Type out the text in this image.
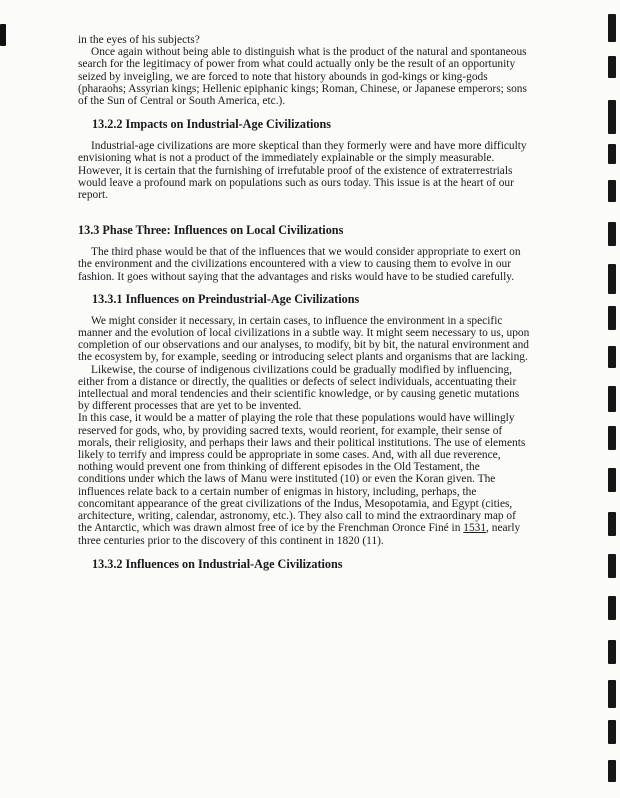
in the eyes of his subjects?

Once again without being able to distinguish what is the product of the natural and spontaneous search for the legitimacy of power from what could actually only be the result of an opportunity seized by inveigling, we are forced to note that history abounds in god-kings or king-gods (pharaohs; Assyrian kings; Hellenic epiphanic kings; Roman, Chinese, or Japanese emperors; sons of the Sun of Central or South America, etc.).

13.2.2 Impacts on Industrial-Age Civilizations

Industrial-age civilizations are more skeptical than they formerly were and have more difficulty envisioning what is not a product of the immediately explainable or the simply measurable. However, it is certain that the furnishing of irrefutable proof of the existence of extraterrestrials would leave a profound mark on populations such as ours today. This issue is at the heart of our report.

13.3 Phase Three: Influences on Local Civilizations

The third phase would be that of the influences that we would consider appropriate to exert on the environment and the civilizations encountered with a view to causing them to evolve in our fashion. It goes without saying that the advantages and risks would have to be studied carefully.

13.3.1 Influences on Preindustrial-Age Civilizations

We might consider it necessary, in certain cases, to influence the environment in a specific manner and the evolution of local civilizations in a subtle way. It might seem necessary to us, upon completion of our observations and our analyses, to modify, bit by bit, the natural environment and the ecosystem by, for example, seeding or introducing select plants and organisms that are lacking.

Likewise, the course of indigenous civilizations could be gradually modified by influencing, either from a distance or directly, the qualities or defects of select individuals, accentuating their intellectual and moral tendencies and their scientific knowledge, or by causing genetic mutations by different processes that are yet to be invented.

In this case, it would be a matter of playing the role that these populations would have willingly reserved for gods, who, by providing sacred texts, would reorient, for example, their sense of morals, their religiosity, and perhaps their laws and their political institutions. The use of elements likely to terrify and impress could be appropriate in some cases. And, with all due reverence, nothing would prevent one from thinking of different episodes in the Old Testament, the conditions under which the laws of Manu were instituted (10) or even the Koran given. The influences relate back to a certain number of enigmas in history, including, perhaps, the concomitant appearance of the great civilizations of the Indus, Mesopotamia, and Egypt (cities, architecture, writing, calendar, astronomy, etc.). They also call to mind the extraordinary map of the Antarctic, which was drawn almost free of ice by the Frenchman Oronce Finé in 1531, nearly three centuries prior to the discovery of this continent in 1820 (11).

13.3.2 Influences on Industrial-Age Civilizations
